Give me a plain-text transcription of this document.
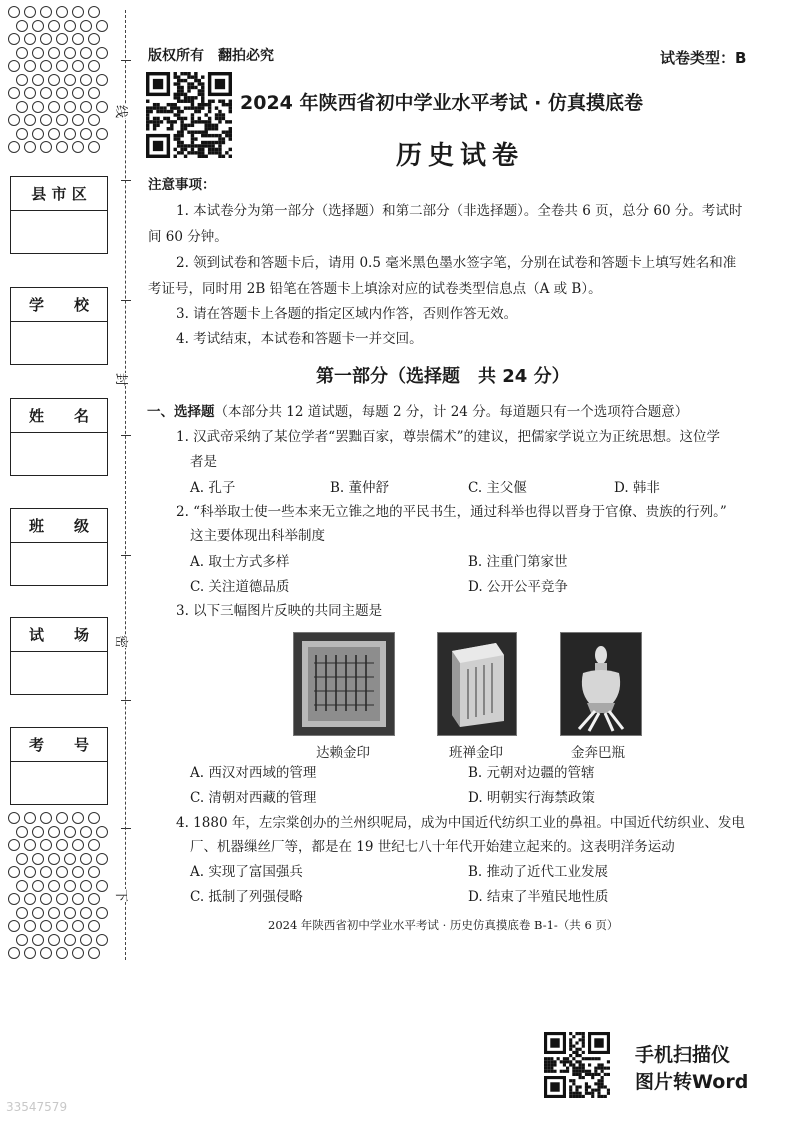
线
封
密
下
县 市 区
学　　校
姓　　名
班　　级
试　　场
考　　号
版权所有　翻拍必究	试卷类型：B
2024 年陕西省初中学业水平考试 · 仿真摸底卷
历史试卷
注意事项：
1. 本试卷分为第一部分（选择题）和第二部分（非选择题）。全卷共 6 页，总分 60 分。考试时
间 60 分钟。
2. 领到试卷和答题卡后，请用 0.5 毫米黑色墨水签字笔，分别在试卷和答题卡上填写姓名和准
考证号，同时用 2B 铅笔在答题卡上填涂对应的试卷类型信息点（A 或 B）。
3. 请在答题卡上各题的指定区域内作答，否则作答无效。
4. 考试结束，本试卷和答题卡一并交回。
第一部分（选择题　共 24 分）
一、选择题（本部分共 12 道试题，每题 2 分，计 24 分。每道题只有一个选项符合题意）
1. 汉武帝采纳了某位学者“罢黜百家，尊崇儒术”的建议，把儒家学说立为正统思想。这位学
者是
A. 孔子	B. 董仲舒	C. 主父偃	D. 韩非
2. “科举取士使一些本来无立锥之地的平民书生，通过科举也得以晋身于官僚、贵族的行列。”
这主要体现出科举制度
A. 取士方式多样	B. 注重门第家世
C. 关注道德品质	D. 公开公平竞争
3. 以下三幅图片反映的共同主题是
达赖金印	班禅金印	金奔巴瓶
A. 西汉对西域的管理	B. 元朝对边疆的管辖
C. 清朝对西藏的管理	D. 明朝实行海禁政策
4. 1880 年，左宗棠创办的兰州织呢局，成为中国近代纺织工业的鼻祖。中国近代纺织业、发电
厂、机器缫丝厂等，都是在 19 世纪七八十年代开始建立起来的。这表明洋务运动
A. 实现了富国强兵	B. 推动了近代工业发展
C. 抵制了列强侵略	D. 结束了半殖民地性质
2024 年陕西省初中学业水平考试 · 历史仿真摸底卷 B-1-（共 6 页）
手机扫描仪
图片转Word
33547579
